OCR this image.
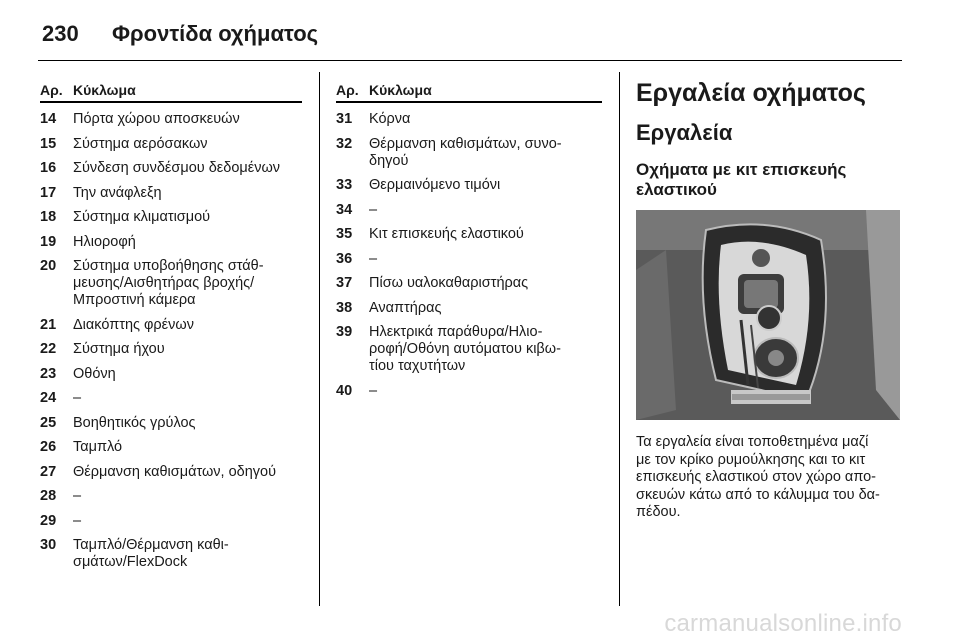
230	Φροντίδα οχήματος
Αρ. Κύκλωμα
14	Πόρτα χώρου αποσκευών
15	Σύστημα αερόσακων
16	Σύνδεση συνδέσμου δεδομένων
17	Την ανάφλεξη
18	Σύστημα κλιματισμού
19	Ηλιοροφή
20	Σύστημα υποβοήθησης στάθ-
μευσης/Αισθητήρας βροχής/
Μπροστινή κάμερα
21	Διακόπτης φρένων
22	Σύστημα ήχου
23	Οθόνη
24	–
25	Βοηθητικός γρύλος
26	Ταμπλό
27	Θέρμανση καθισμάτων, οδηγού
28	–
29	–
30	Ταμπλό/Θέρμανση καθι-
σμάτων/FlexDock
Αρ. Κύκλωμα
31	Κόρνα
32	Θέρμανση καθισμάτων, συνο-
δηγού
33	Θερμαινόμενο τιμόνι
34	–
35	Κιτ επισκευής ελαστικού
36	–
37	Πίσω υαλοκαθαριστήρας
38	Αναπτήρας
39	Ηλεκτρικά παράθυρα/Ηλιο-
ροφή/Οθόνη αυτόματου κιβω-
τίου ταχυτήτων
40	–
Εργαλεία οχήματος
Εργαλεία
Οχήματα με κιτ επισκευής
ελαστικού
Τα εργαλεία είναι τοποθετημένα μαζί
με τον κρίκο ρυμούλκησης και το κιτ
επισκευής ελαστικού στον χώρο απο-
σκευών κάτω από το κάλυμμα του δα-
πέδου.
carmanualsonline.info
